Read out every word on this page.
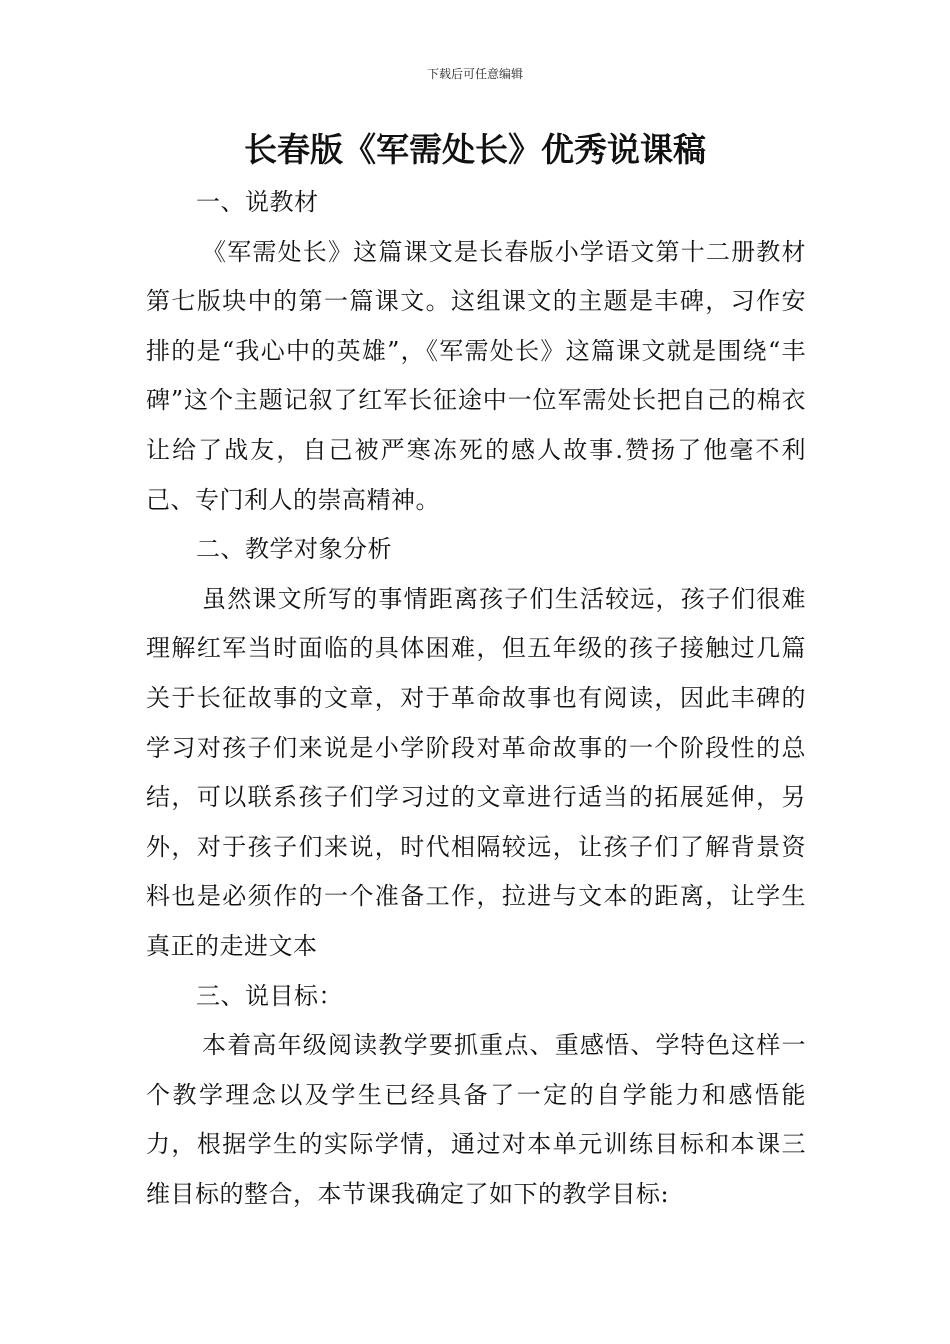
下载后可任意编辑
长春版《军需处长》优秀说课稿

一、说教材

《军需处长》这篇课文是长春版小学语文第十二册教材第七版块中的第一篇课文。这组课文的主题是丰碑，习作安排的是“我心中的英雄”，《军需处长》这篇课文就是围绕“丰碑”这个主题记叙了红军长征途中一位军需处长把自己的棉衣让给了战友，自己被严寒冻死的感人故事.赞扬了他毫不利己、专门利人的崇高精神。

二、教学对象分析

虽然课文所写的事情距离孩子们生活较远，孩子们很难理解红军当时面临的具体困难，但五年级的孩子接触过几篇关于长征故事的文章，对于革命故事也有阅读，因此丰碑的学习对孩子们来说是小学阶段对革命故事的一个阶段性的总结，可以联系孩子们学习过的文章进行适当的拓展延伸，另外，对于孩子们来说，时代相隔较远，让孩子们了解背景资料也是必须作的一个准备工作，拉进与文本的距离，让学生真正的走进文本

三、说目标：

本着高年级阅读教学要抓重点、重感悟、学特色这样一个教学理念以及学生已经具备了一定的自学能力和感悟能力，根据学生的实际学情，通过对本单元训练目标和本课三维目标的整合，本节课我确定了如下的教学目标:
